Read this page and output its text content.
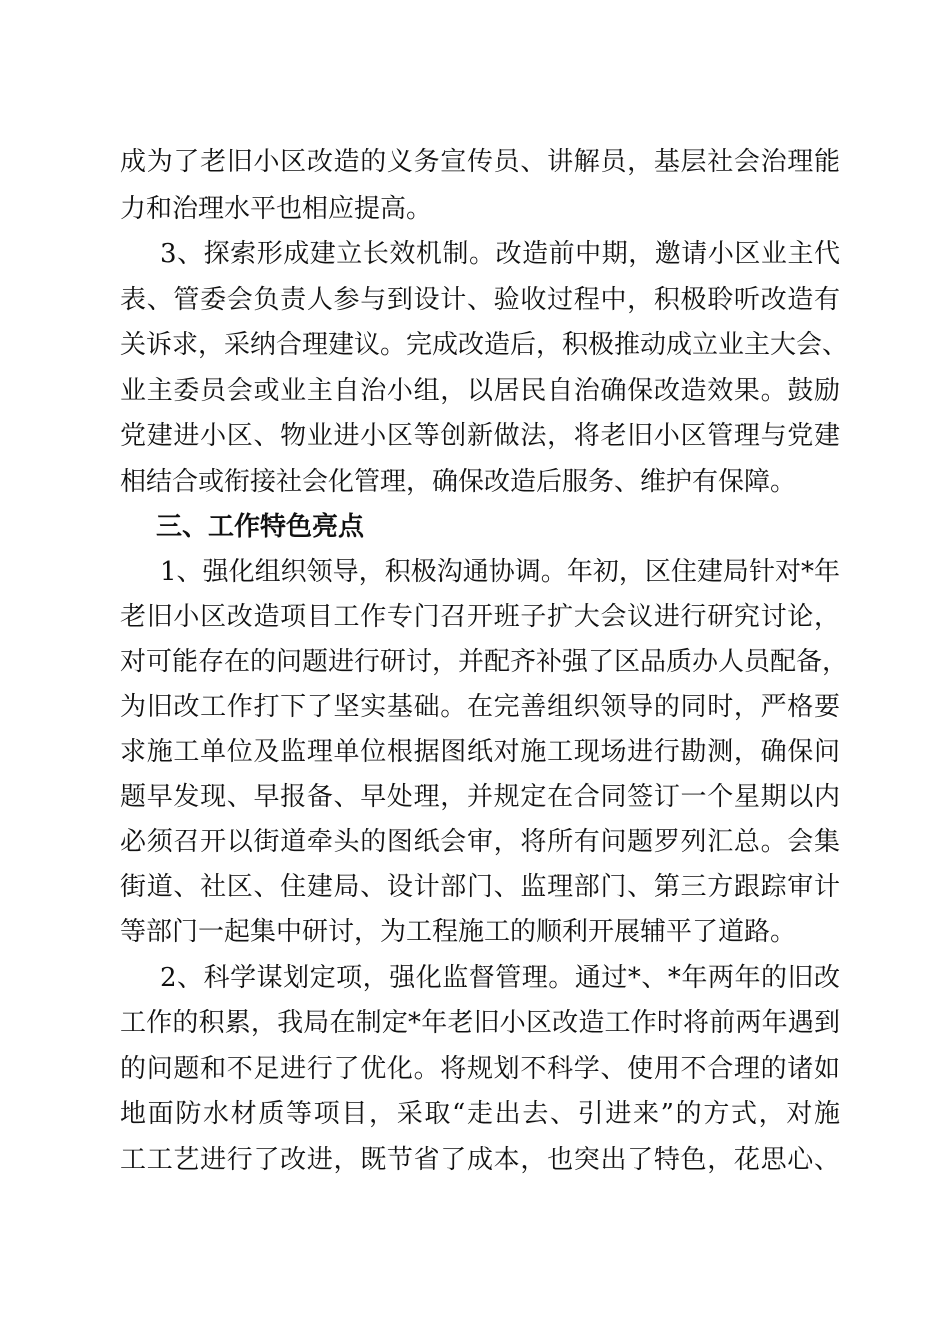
成为了老旧小区改造的义务宣传员、讲解员，基层社会治理能
力和治理水平也相应提高。
3、探索形成建立长效机制。改造前中期，邀请小区业主代
表、管委会负责人参与到设计、验收过程中，积极聆听改造有
关诉求，采纳合理建议。完成改造后，积极推动成立业主大会、
业主委员会或业主自治小组，以居民自治确保改造效果。鼓励
党建进小区、物业进小区等创新做法，将老旧小区管理与党建
相结合或衔接社会化管理，确保改造后服务、维护有保障。
三、工作特色亮点
1、强化组织领导，积极沟通协调。年初，区住建局针对*年
老旧小区改造项目工作专门召开班子扩大会议进行研究讨论，
对可能存在的问题进行研讨，并配齐补强了区品质办人员配备，
为旧改工作打下了坚实基础。在完善组织领导的同时，严格要
求施工单位及监理单位根据图纸对施工现场进行勘测，确保问
题早发现、早报备、早处理，并规定在合同签订一个星期以内
必须召开以街道牵头的图纸会审，将所有问题罗列汇总。会集
街道、社区、住建局、设计部门、监理部门、第三方跟踪审计
等部门一起集中研讨，为工程施工的顺利开展辅平了道路。
2、科学谋划定项，强化监督管理。通过*、*年两年的旧改
工作的积累，我局在制定*年老旧小区改造工作时将前两年遇到
的问题和不足进行了优化。将规划不科学、使用不合理的诸如
地面防水材质等项目，采取“走出去、引进来”的方式，对施
工工艺进行了改进，既节省了成本，也突出了特色，花思心、
